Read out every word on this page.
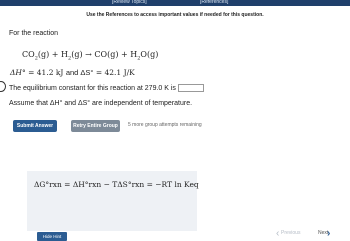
[Review Topics]	[References]
Use the References to access important values if needed for this question.
For the reaction
$CO_2(g) + H_2(g) \to CO(g) + H_2O(g)$
ΔH° = 41.2 kJ and ΔS° = 42.1 J/K
The equilibrium constant for this reaction at 279.0 K is
Assume that ΔH° and ΔS° are independent of temperature.
Submit Answer	Retry Entire Group	5 more group attempts remaining
ΔG°rxn = ΔH°rxn − TΔS°rxn = −RT ln Keq
Hide Hint	‹ Previous	Next
›
